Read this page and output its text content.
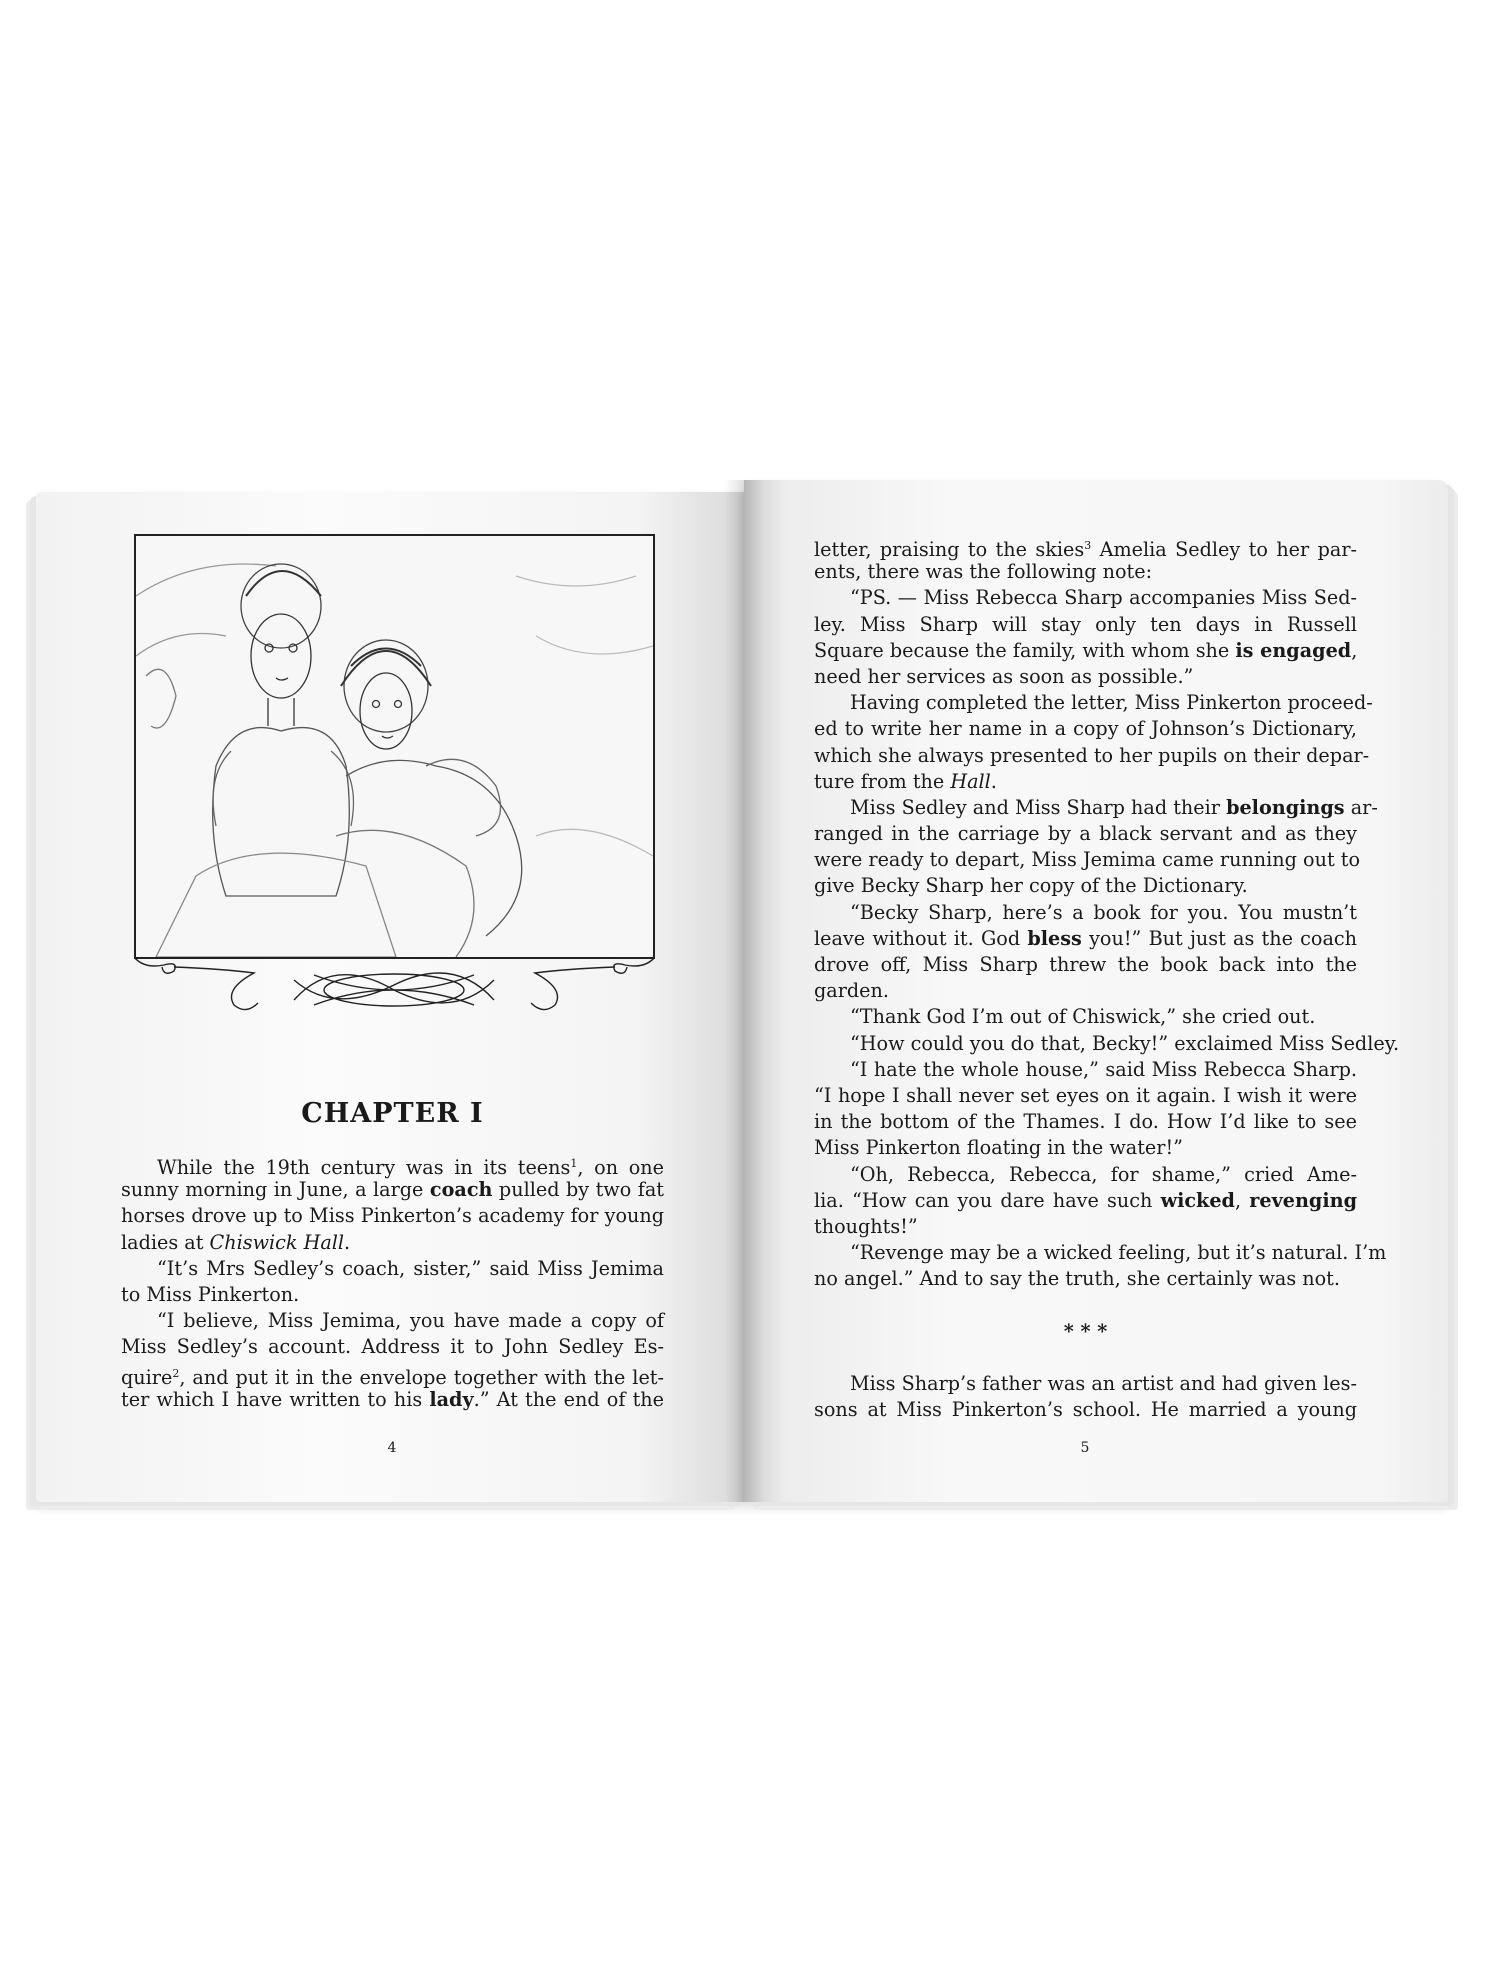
CHAPTER I
While the 19th century was in its teens$^1$, on one
sunny morning in June, a large coach pulled by two fat
horses drove up to Miss Pinkerton’s academy for young
ladies at Chiswick Hall.
“It’s Mrs Sedley’s coach, sister,” said Miss Jemima
to Miss Pinkerton.
“I believe, Miss Jemima, you have made a copy of
Miss Sedley’s account. Address it to John Sedley Es-
quire$^2$, and put it in the envelope together with the let-
ter which I have written to his lady.” At the end of the
4
letter, praising to the skies$^3$ Amelia Sedley to her par-
ents, there was the following note:
“PS. — Miss Rebecca Sharp accompanies Miss Sed-
ley. Miss Sharp will stay only ten days in Russell
Square because the family, with whom she is engaged,
need her services as soon as possible.”
Having completed the letter, Miss Pinkerton proceed-
ed to write her name in a copy of Johnson’s Dictionary,
which she always presented to her pupils on their depar-
ture from the Hall.
Miss Sedley and Miss Sharp had their belongings ar-
ranged in the carriage by a black servant and as they
were ready to depart, Miss Jemima came running out to
give Becky Sharp her copy of the Dictionary.
“Becky Sharp, here’s a book for you. You mustn’t
leave without it. God bless you!” But just as the coach
drove off, Miss Sharp threw the book back into the
garden.
“Thank God I’m out of Chiswick,” she cried out.
“How could you do that, Becky!” exclaimed Miss Sedley.
“I hate the whole house,” said Miss Rebecca Sharp.
“I hope I shall never set eyes on it again. I wish it were
in the bottom of the Thames. I do. How I’d like to see
Miss Pinkerton floating in the water!”
“Oh, Rebecca, Rebecca, for shame,” cried Ame-
lia. “How can you dare have such wicked, revenging
thoughts!”
“Revenge may be a wicked feeling, but it’s natural. I’m
no angel.” And to say the truth, she certainly was not.
* * *
Miss Sharp’s father was an artist and had given les-
sons at Miss Pinkerton’s school. He married a young
5
